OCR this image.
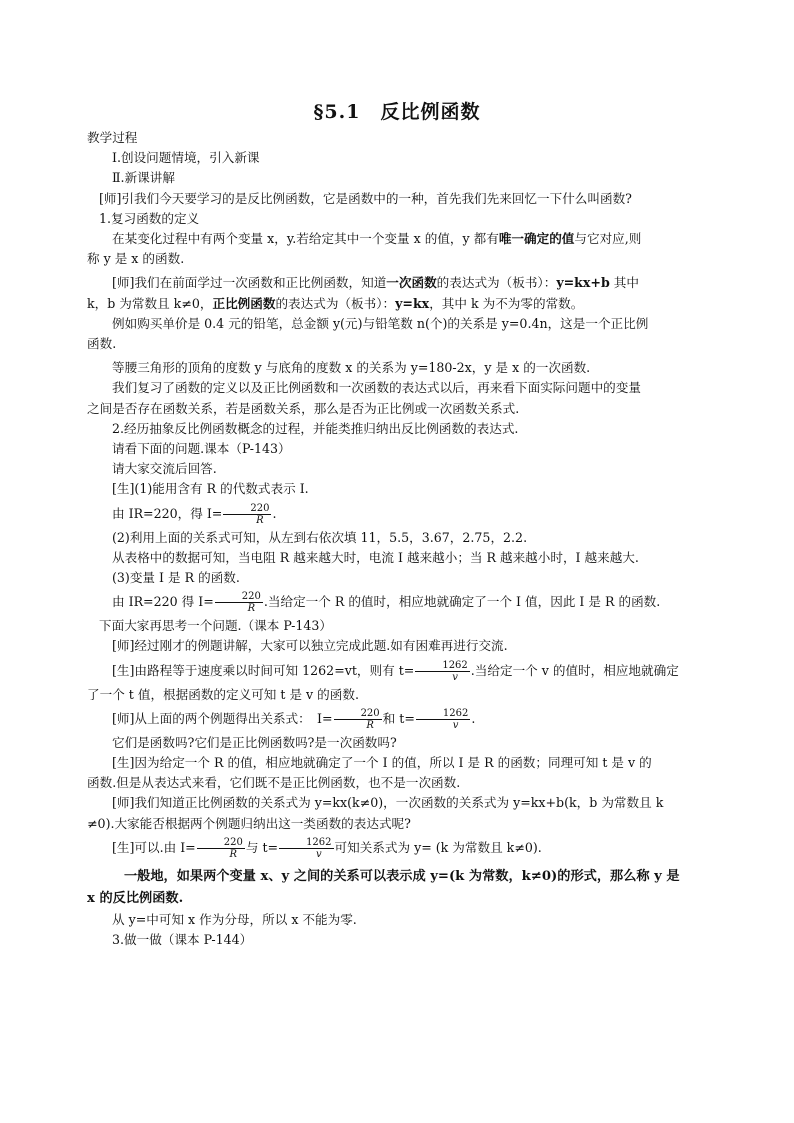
§5.1　反比例函数

教学过程

Ⅰ.创设问题情境，引入新课

Ⅱ.新课讲解

[师]引我们今天要学习的是反比例函数，它是函数中的一种，首先我们先来回忆一下什么叫函数?

1.复习函数的定义

在某变化过程中有两个变量 x，y.若给定其中一个变量 x 的值，y 都有唯一确定的值与它对应,则

称 y 是 x 的函数.

[师]我们在前面学过一次函数和正比例函数，知道一次函数的表达式为（板书）：y=kx+b 其中

k，b 为常数且 k≠0，正比例函数的表达式为（板书）：y=kx，其中 k 为不为零的常数。

例如购买单价是 0.4 元的铅笔，总金额 y(元)与铅笔数 n(个)的关系是 y=0.4n，这是一个正比例

函数.

等腰三角形的顶角的度数 y 与底角的度数 x 的关系为 y=180-2x，y 是 x 的一次函数.

我们复习了函数的定义以及正比例函数和一次函数的表达式以后，再来看下面实际问题中的变量

之间是否存在函数关系，若是函数关系，那么是否为正比例或一次函数关系式.

2.经历抽象反比例函数概念的过程，并能类推归纳出反比例函数的表达式.

请看下面的问题.课本（P-143）

请大家交流后回答.

[生](1)能用含有 R 的代数式表示 I.

由 IR=220，得 $I= \frac{220}{R}$ .

(2)利用上面的关系式可知，从左到右依次填 11，5.5，3.67，2.75，2.2.

从表格中的数据可知，当电阻 R 越来越大时，电流 I 越来越小；当 R 越来越小时，I 越来越大.

(3)变量 I 是 R 的函数.

由 IR=220 得 $I= \frac{220}{R}$ .当给定一个 R 的值时，相应地就确定了一个 I 值，因此 I 是 R 的函数.

下面大家再思考一个问题.（课本 P-143）

[师]经过刚才的例题讲解，大家可以独立完成此题.如有困难再进行交流.

[生]由路程等于速度乘以时间可知 1262=vt，则有 $t= \frac{1262}{v}$ .当给定一个 v 的值时，相应地就确定

了一个 t 值，根据函数的定义可知 t 是 v 的函数.

[师]从上面的两个例题得出关系式：　$I= \frac{220}{R}$ 和 $t= \frac{1262}{v}$ .

它们是函数吗?它们是正比例函数吗?是一次函数吗?

[生]因为给定一个 R 的值，相应地就确定了一个 I 的值，所以 I 是 R 的函数；同理可知 t 是 v 的

函数.但是从表达式来看，它们既不是正比例函数，也不是一次函数.

[师]我们知道正比例函数的关系式为 y=kx(k≠0)，一次函数的关系式为 y=kx+b(k，b 为常数且 k

≠0).大家能否根据两个例题归纳出这一类函数的表达式呢?

[生]可以.由 $I= \frac{220}{R}$ 与 $t= \frac{1262}{v}$ 可知关系式为 y= (k 为常数且 k≠0).

一般地，如果两个变量 x、y 之间的关系可以表示成 y=(k 为常数，k≠0)的形式，那么称 y 是

x 的反比例函数.

从 y=中可知 x 作为分母，所以 x 不能为零.

3.做一做（课本 P-144）
